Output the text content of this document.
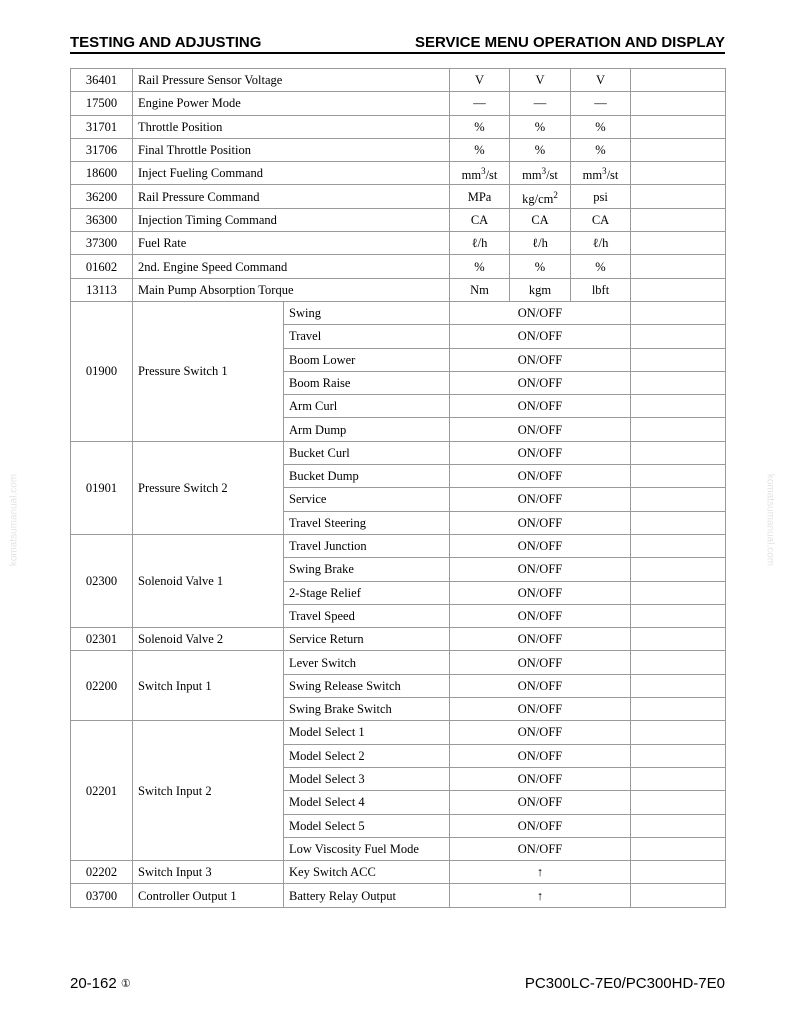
TESTING AND ADJUSTING	SERVICE MENU OPERATION AND DISPLAY
36401	Rail Pressure Sensor Voltage		V	V	V	
17500	Engine Power Mode		—	—	—	
31701	Throttle Position		%	%	%	
31706	Final Throttle Position		%	%	%	
18600	Inject Fueling Command		$mm^3/st$	$mm^3/st$	$mm^3/st$	
36200	Rail Pressure Command		MPa	$kg/cm^2$	psi	
36300	Injection Timing Command		CA	CA	CA	
37300	Fuel Rate		ℓ/h	ℓ/h	ℓ/h	
01602	2nd. Engine Speed Command		%	%	%	
13113	Main Pump Absorption Torque		Nm	kgm	lbft	
01900	Pressure Switch 1	Swing	ON/OFF			
		Travel	ON/OFF			
		Boom Lower	ON/OFF			
		Boom Raise	ON/OFF			
		Arm Curl	ON/OFF			
		Arm Dump	ON/OFF			
01901	Pressure Switch 2	Bucket Curl	ON/OFF			
		Bucket Dump	ON/OFF			
		Service	ON/OFF			
		Travel Steering	ON/OFF			
02300	Solenoid Valve 1	Travel Junction	ON/OFF			
		Swing Brake	ON/OFF			
		2-Stage Relief	ON/OFF			
		Travel Speed	ON/OFF			
02301	Solenoid Valve 2	Service Return	ON/OFF			
02200	Switch Input 1	Lever Switch	ON/OFF			
		Swing Release Switch	ON/OFF			
		Swing Brake Switch	ON/OFF			
02201	Switch Input 2	Model Select 1	ON/OFF			
		Model Select 2	ON/OFF			
		Model Select 3	ON/OFF			
		Model Select 4	ON/OFF			
		Model Select 5	ON/OFF			
		Low Viscosity Fuel Mode	ON/OFF			
02202	Switch Input 3	Key Switch ACC	↑			
03700	Controller Output 1	Battery Relay Output	↑			
20-162 ①	PC300LC-7E0/PC300HD-7E0
komatsumanual.com	komatsumanual.com
